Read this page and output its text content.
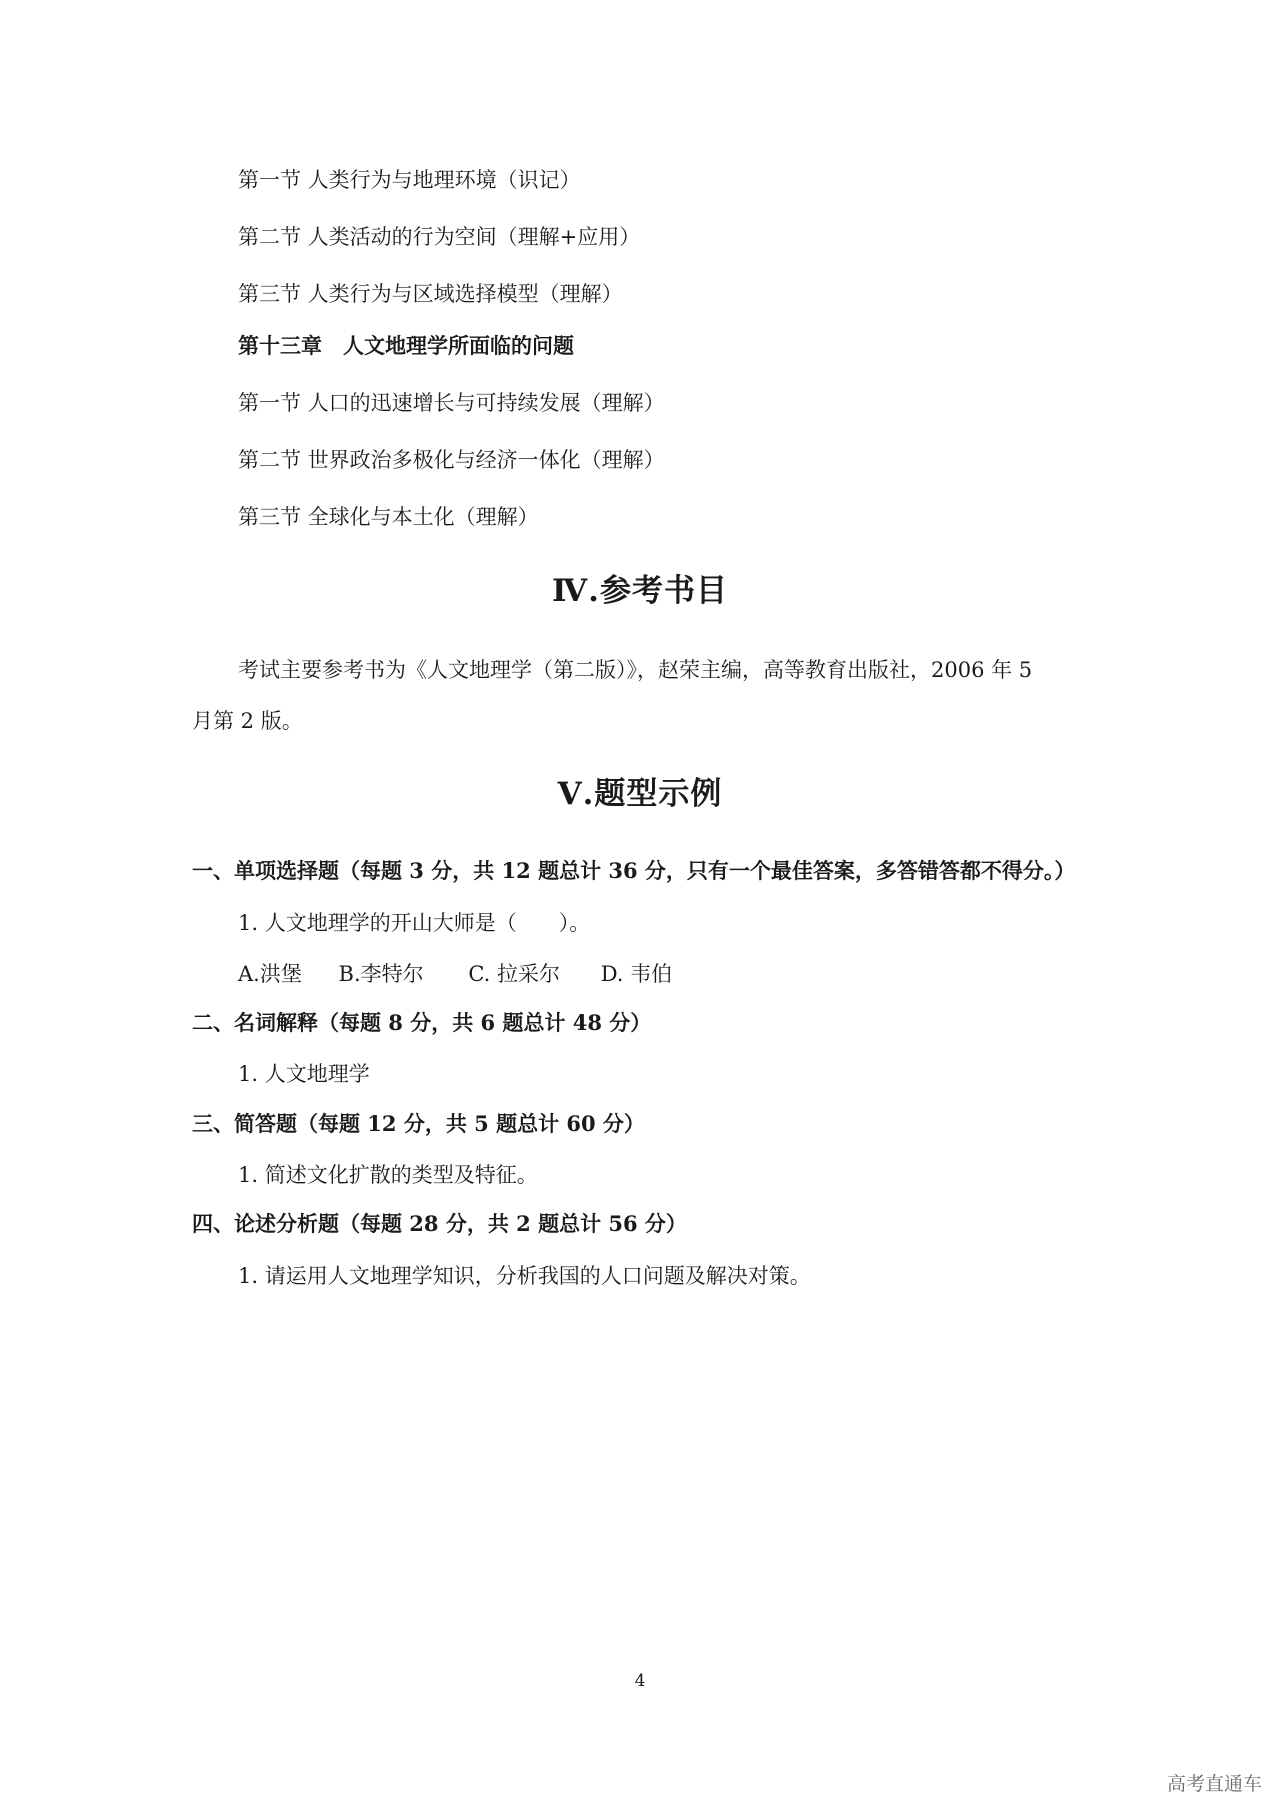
第一节 人类行为与地理环境（识记）
第二节 人类活动的行为空间（理解+应用）
第三节 人类行为与区域选择模型（理解）
第十三章　人文地理学所面临的问题
第一节 人口的迅速增长与可持续发展（理解）
第二节 世界政治多极化与经济一体化（理解）
第三节 全球化与本土化（理解）
Ⅳ.参考书目
考试主要参考书为《人文地理学（第二版）》，赵荣主编，高等教育出版社，2006 年 5
月第 2 版。
Ⅴ.题型示例
一、单项选择题（每题 3 分，共 12 题总计 36 分，只有一个最佳答案，多答错答都不得分。）
1. 人文地理学的开山大师是（　　）。
A.洪堡 B.李特尔 C. 拉采尔 D. 韦伯
二、名词解释（每题 8 分，共 6 题总计 48 分）
1. 人文地理学
三、简答题（每题 12 分，共 5 题总计 60 分）
1. 简述文化扩散的类型及特征。
四、论述分析题（每题 28 分，共 2 题总计 56 分）
1. 请运用人文地理学知识，分析我国的人口问题及解决对策。
4
高考直通车
